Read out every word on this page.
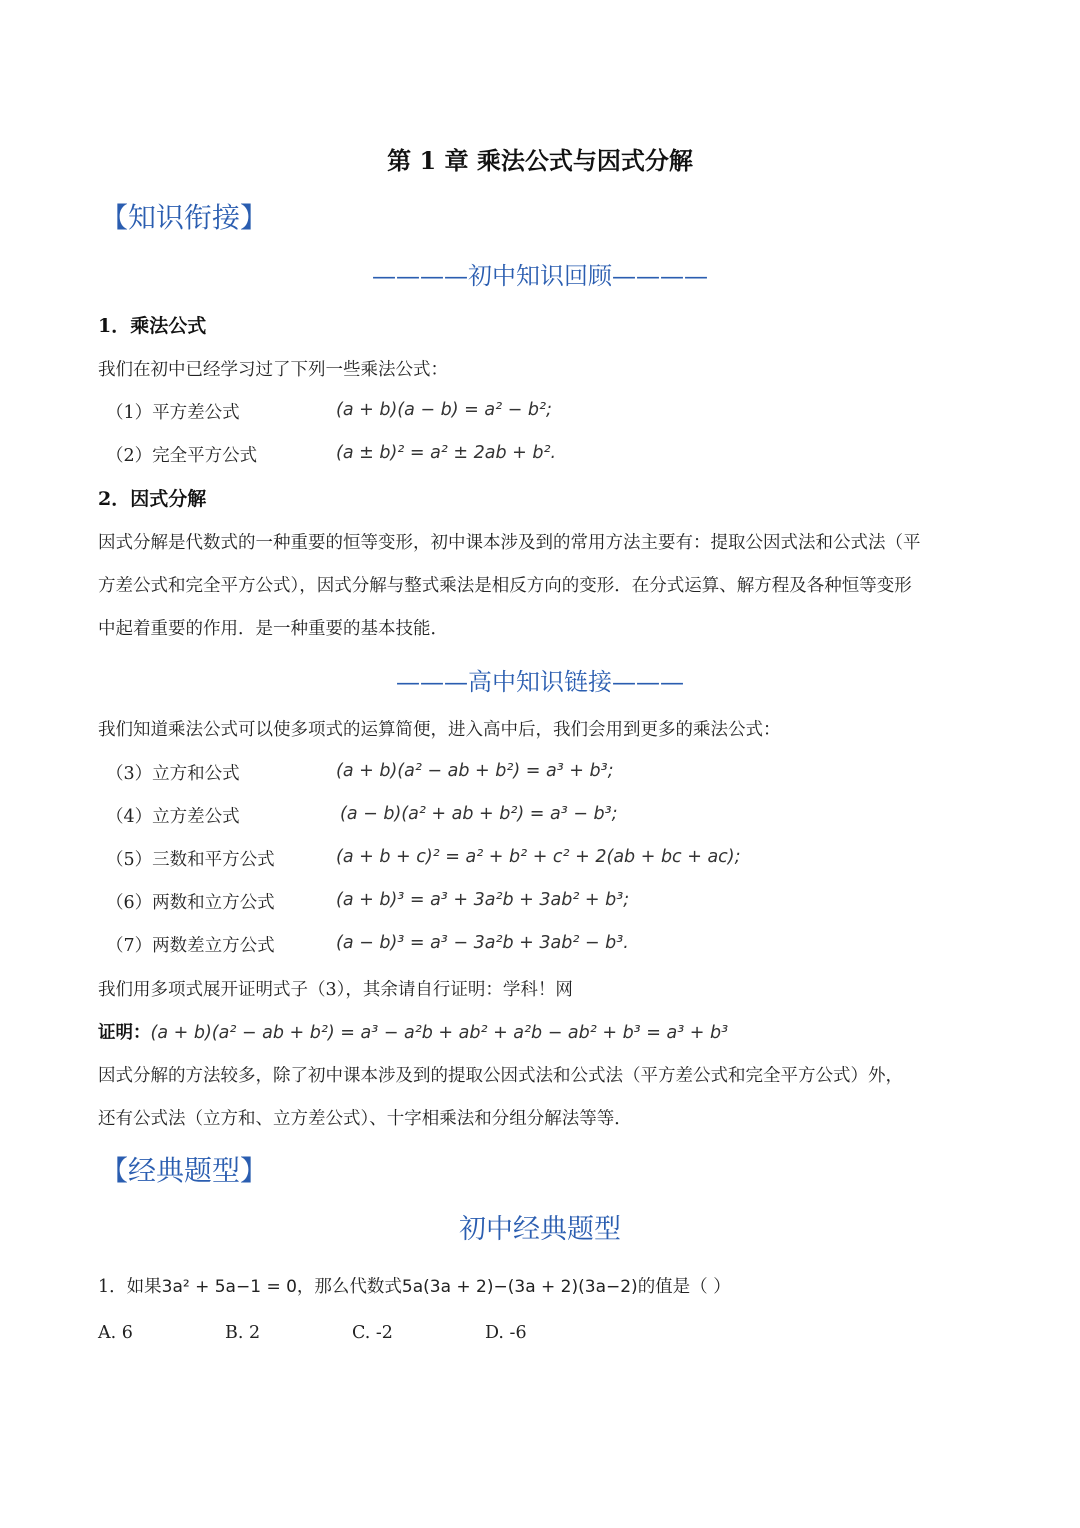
第 1 章 乘法公式与因式分解
【知识衔接】
————初中知识回顾————
1．乘法公式
我们在初中已经学习过了下列一些乘法公式：
（1）平方差公式	(a + b)(a − b) = a² − b²;
（2）完全平方公式	(a ± b)² = a² ± 2ab + b².
2．因式分解
因式分解是代数式的一种重要的恒等变形，初中课本涉及到的常用方法主要有：提取公因式法和公式法（平
方差公式和完全平方公式），因式分解与整式乘法是相反方向的变形．在分式运算、解方程及各种恒等变形
中起着重要的作用．是一种重要的基本技能．
———高中知识链接———
我们知道乘法公式可以使多项式的运算简便，进入高中后，我们会用到更多的乘法公式：
（3）立方和公式	(a + b)(a² − ab + b²) = a³ + b³;
（4）立方差公式	(a − b)(a² + ab + b²) = a³ − b³;
（5）三数和平方公式	(a + b + c)² = a² + b² + c² + 2(ab + bc + ac);
（6）两数和立方公式	(a + b)³ = a³ + 3a²b + 3ab² + b³;
（7）两数差立方公式	(a − b)³ = a³ − 3a²b + 3ab² − b³.
我们用多项式展开证明式子（3），其余请自行证明：学科！网
证明：(a + b)(a² − ab + b²) = a³ − a²b + ab² + a²b − ab² + b³ = a³ + b³
因式分解的方法较多，除了初中课本涉及到的提取公因式法和公式法（平方差公式和完全平方公式）外，
还有公式法（立方和、立方差公式）、十字相乘法和分组分解法等等．
【经典题型】
初中经典题型
1．如果3a² + 5a−1 = 0，那么代数式5a(3a + 2)−(3a + 2)(3a−2)的值是（ ）
A. 6	B. 2	C. -2	D. -6
